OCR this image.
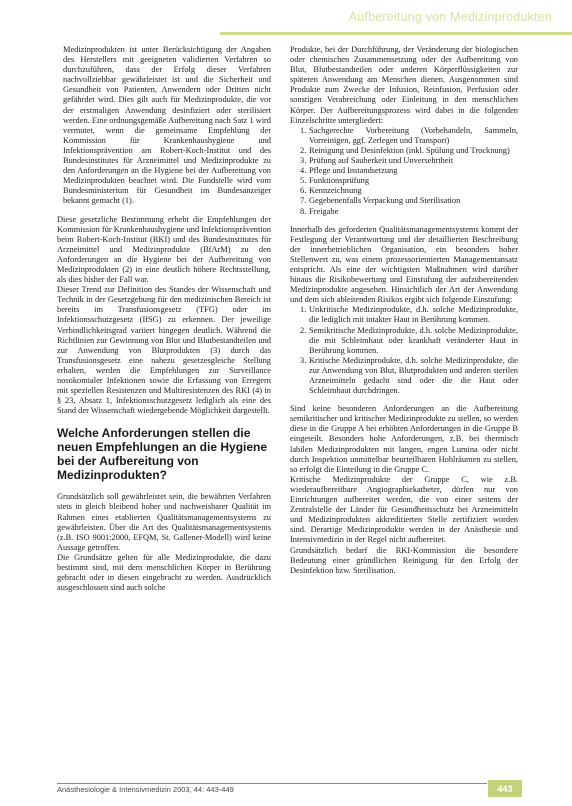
Aufbereitung von Medizinprodukten

Medizinprodukten ist unter Berücksichtigung der Angaben des Herstellers mit geeigneten validierten Verfahren so durchzuführen, dass der Erfolg dieser Verfahren nachvollziehbar gewährleistet ist und die Sicherheit und Gesundheit von Patienten, Anwendern oder Dritten nicht gefährdet wird. Dies gilt auch für Medizinprodukte, die vor der erstmaligen Anwendung desinfiziert oder sterilisiert werden. Eine ordnungsgemäße Aufbereitung nach Satz 1 wird vermutet, wenn die gemeinsame Empfehlung der Kommission für Krankenhaushygiene und Infektionsprävention am Robert-Koch-Institut und des Bundesinstitutes für Arzneimittel und Medizinprodukte zu den Anforderungen an die Hygiene bei der Aufbereitung von Medizinprodukten beachtet wird. Die Fundstelle wird vom Bundesministerium für Gesundheit im Bundesanzeiger bekannt gemacht (1).

Diese gesetzliche Bestimmung erhebt die Empfehlungen der Kommission für Krankenhaushygiene und Infektionsprävention beim Robert-Koch-Institut (RKI) und des Bundesinstitutes für Arzneimittel und Medizinprodukte (BfArM) zu den Anforderungen an die Hygiene bei der Aufbereitung von Medizinprodukten (2) in eine deutlich höhere Rechtsstellung, als dies bisher der Fall war.

Dieser Trend zur Definition des Standes der Wissenschaft und Technik in der Gesetzgebung für den medizinischen Bereich ist bereits im Transfusionsgesetz (TFG) oder im Infektionsschutzgesetz (IfSG) zu erkennen. Der jeweilige Verbindlichkeitsgrad variiert hingegen deutlich. Während die Richtlinien zur Gewinnung von Blut und Blutbestandteilen und zur Anwendung von Blutprodukten (3) durch das Transfusionsgesetz eine nahezu gesetzesgleiche Stellung erhalten, werden die Empfehlungen zur Surveillance nosokomialer Infektionen sowie die Erfassung von Erregern mit speziellen Resistenzen und Multiresistenzen des RKI (4) in § 23, Absatz 1, Infektionsschutzgesetz lediglich als eine des Stand der Wissenschaft wiedergebende Möglichkeit dargestellt.

Welche Anforderungen stellen die neuen Empfehlungen an die Hygiene bei der Aufbereitung von Medizinprodukten?

Grundsätzlich soll gewährleistet sein, die bewährten Verfahren stets in gleich bleibend hoher und nachweisbarer Qualität im Rahmen eines etablierten Qualitätsmanagementsystems zu gewährleisten. Über die Art des Qualitätsmanagementsystems (z.B. ISO 9001:2000, EFQM, St. Gallener-Modell) wird keine Aussage getroffen.

Die Grundsätze gelten für alle Medizinprodukte, die dazu bestimmt sind, mit dem menschlichen Körper in Berührung gebracht oder in diesen eingebracht zu werden. Ausdrücklich ausgeschlossen sind auch solche

Produkte, bei der Durchführung, der Veränderung der biologischen oder chemischen Zusammensetzung oder der Aufbereitung von Blut, Blutbestandteilen oder anderen Körperflüssigkeiten zur späteren Anwendung am Menschen dienen. Ausgenommen sind Produkte zum Zwecke der Infusion, Reinfusion, Perfusion oder sonstigen Verabreichung oder Einleitung in den menschlichen Körper. Der Aufbereitungsprozess wird dabei in die folgenden Einzelschritte untergliedert:

1. Sachgerechte Vorbereitung (Vorbehandeln, Sammeln, Vorreinigen, ggf. Zerlegen und Transport)
2. Reinigung und Desinfektion (inkl. Spülung und Trocknung)
3. Prüfung auf Sauberkeit und Unversehrtheit
4. Pflege und Instandsetzung
5. Funktionsprüfung
6. Kennzeichnung
7. Gegebenenfalls Verpackung und Sterilisation
8. Freigabe

Innerhalb des geforderten Qualitätsmanagementsystems kommt der Festlegung der Verantwortung und der detaillierten Beschreibung der innerbetrieblichen Organisation, ein besonders hoher Stellenwert zu, was einem prozessorientierten Managementansatz entspricht. Als eine der wichtigsten Maßnahmen wird darüber hinaus die Risikobewertung und Einstufung der aufzubereitenden Medizinprodukte angesehen. Hinsichtlich der Art der Anwendung und dem sich ableitenden Risikos ergibt sich folgende Einstufung:

1. Unkritische Medizinprodukte, d.h. solche Medizinprodukte, die lediglich mit intakter Haut in Berührung kommen.
2. Semikritische Medizinprodukte, d.h. solche Medizinprodukte, die mit Schleimhaut oder krankhaft veränderter Haut in Berührung kommen.
3. Kritische Medizinprodukte, d.h. solche Medizinprodukte, die zur Anwendung von Blut, Blutprodukten und anderen sterilen Arzneimitteln gedacht sind oder die die Haut oder Schleimhaut durchdringen.

Sind keine besonderen Anforderungen an die Aufbereitung semikritischer und kritischer Medizinprodukte zu stellen, so werden diese in die Gruppe A bei erhöhten Anforderungen in die Gruppe B eingeteilt. Besonders hohe Anforderungen, z.B. bei thermisch labilen Medizinprodukten mit langen, engen Lumina oder nicht durch Inspektion unmittelbar beurteilbaren Hohlräumen zu stellen, so erfolgt die Einteilung in die Gruppe C.

Kritische Medizinprodukte der Gruppe C, wie z.B. wiederaufbereitbare Angiographiekatheter, dürfen nur von Einrichtungen aufbereitet werden, die von einer seitens der Zentralstelle der Länder für Gesundheitsschutz bei Arzneimitteln und Medizinprodukten akkreditierten Stelle zertifiziert worden sind. Derartige Medizinprodukte werden in der Anästhesie und Intensivmedizin in der Regel nicht aufbereitet.

Grundsätzlich bedarf die RKI-Kommission die besondere Bedeutung einer gründlichen Reinigung für den Erfolg der Desinfektion bzw. Sterilisation.

Anästhesiologie & Intensivmedizin 2003, 44: 443-449	443
